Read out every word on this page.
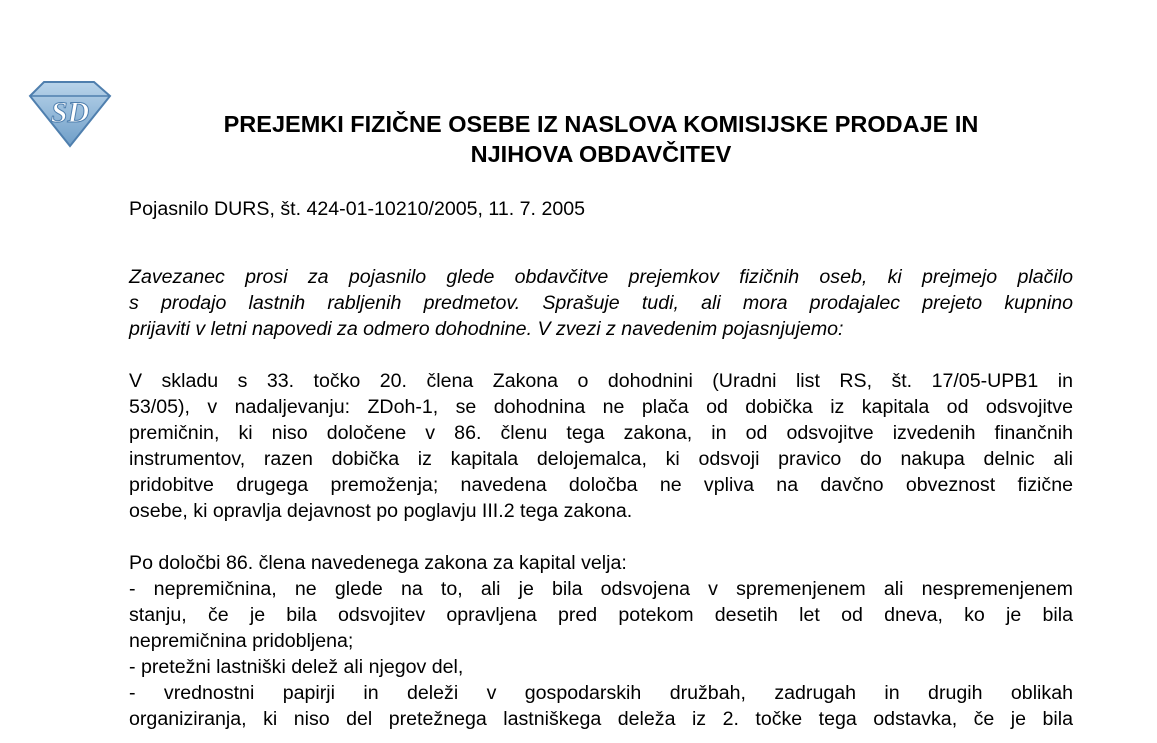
SD	PREJEMKI FIZIČNE OSEBE IZ NASLOVA KOMISIJSKE PRODAJE IN
NJIHOVA OBDAVČITEV
Pojasnilo DURS, št. 424-01-10210/2005, 11. 7. 2005
Zavezanec prosi za pojasnilo glede obdavčitve prejemkov fizičnih oseb, ki prejmejo plačilo
s prodajo lastnih rabljenih predmetov. Sprašuje tudi, ali mora prodajalec prejeto kupnino
prijaviti v letni napovedi za odmero dohodnine. V zvezi z navedenim pojasnjujemo:
V skladu s 33. točko 20. člena Zakona o dohodnini (Uradni list RS, št. 17/05-UPB1 in
53/05), v nadaljevanju: ZDoh-1, se dohodnina ne plača od dobička iz kapitala od odsvojitve
premičnin, ki niso določene v 86. členu tega zakona, in od odsvojitve izvedenih finančnih
instrumentov, razen dobička iz kapitala delojemalca, ki odsvoji pravico do nakupa delnic ali
pridobitve drugega premoženja; navedena določba ne vpliva na davčno obveznost fizične
osebe, ki opravlja dejavnost po poglavju III.2 tega zakona.
Po določbi 86. člena navedenega zakona za kapital velja:
- nepremičnina, ne glede na to, ali je bila odsvojena v spremenjenem ali nespremenjenem
stanju, če je bila odsvojitev opravljena pred potekom desetih let od dneva, ko je bila
nepremičnina pridobljena;
- pretežni lastniški delež ali njegov del,
- vrednostni papirji in deleži v gospodarskih družbah, zadrugah in drugih oblikah
organiziranja, ki niso del pretežnega lastniškega deleža iz 2. točke tega odstavka, če je bila
